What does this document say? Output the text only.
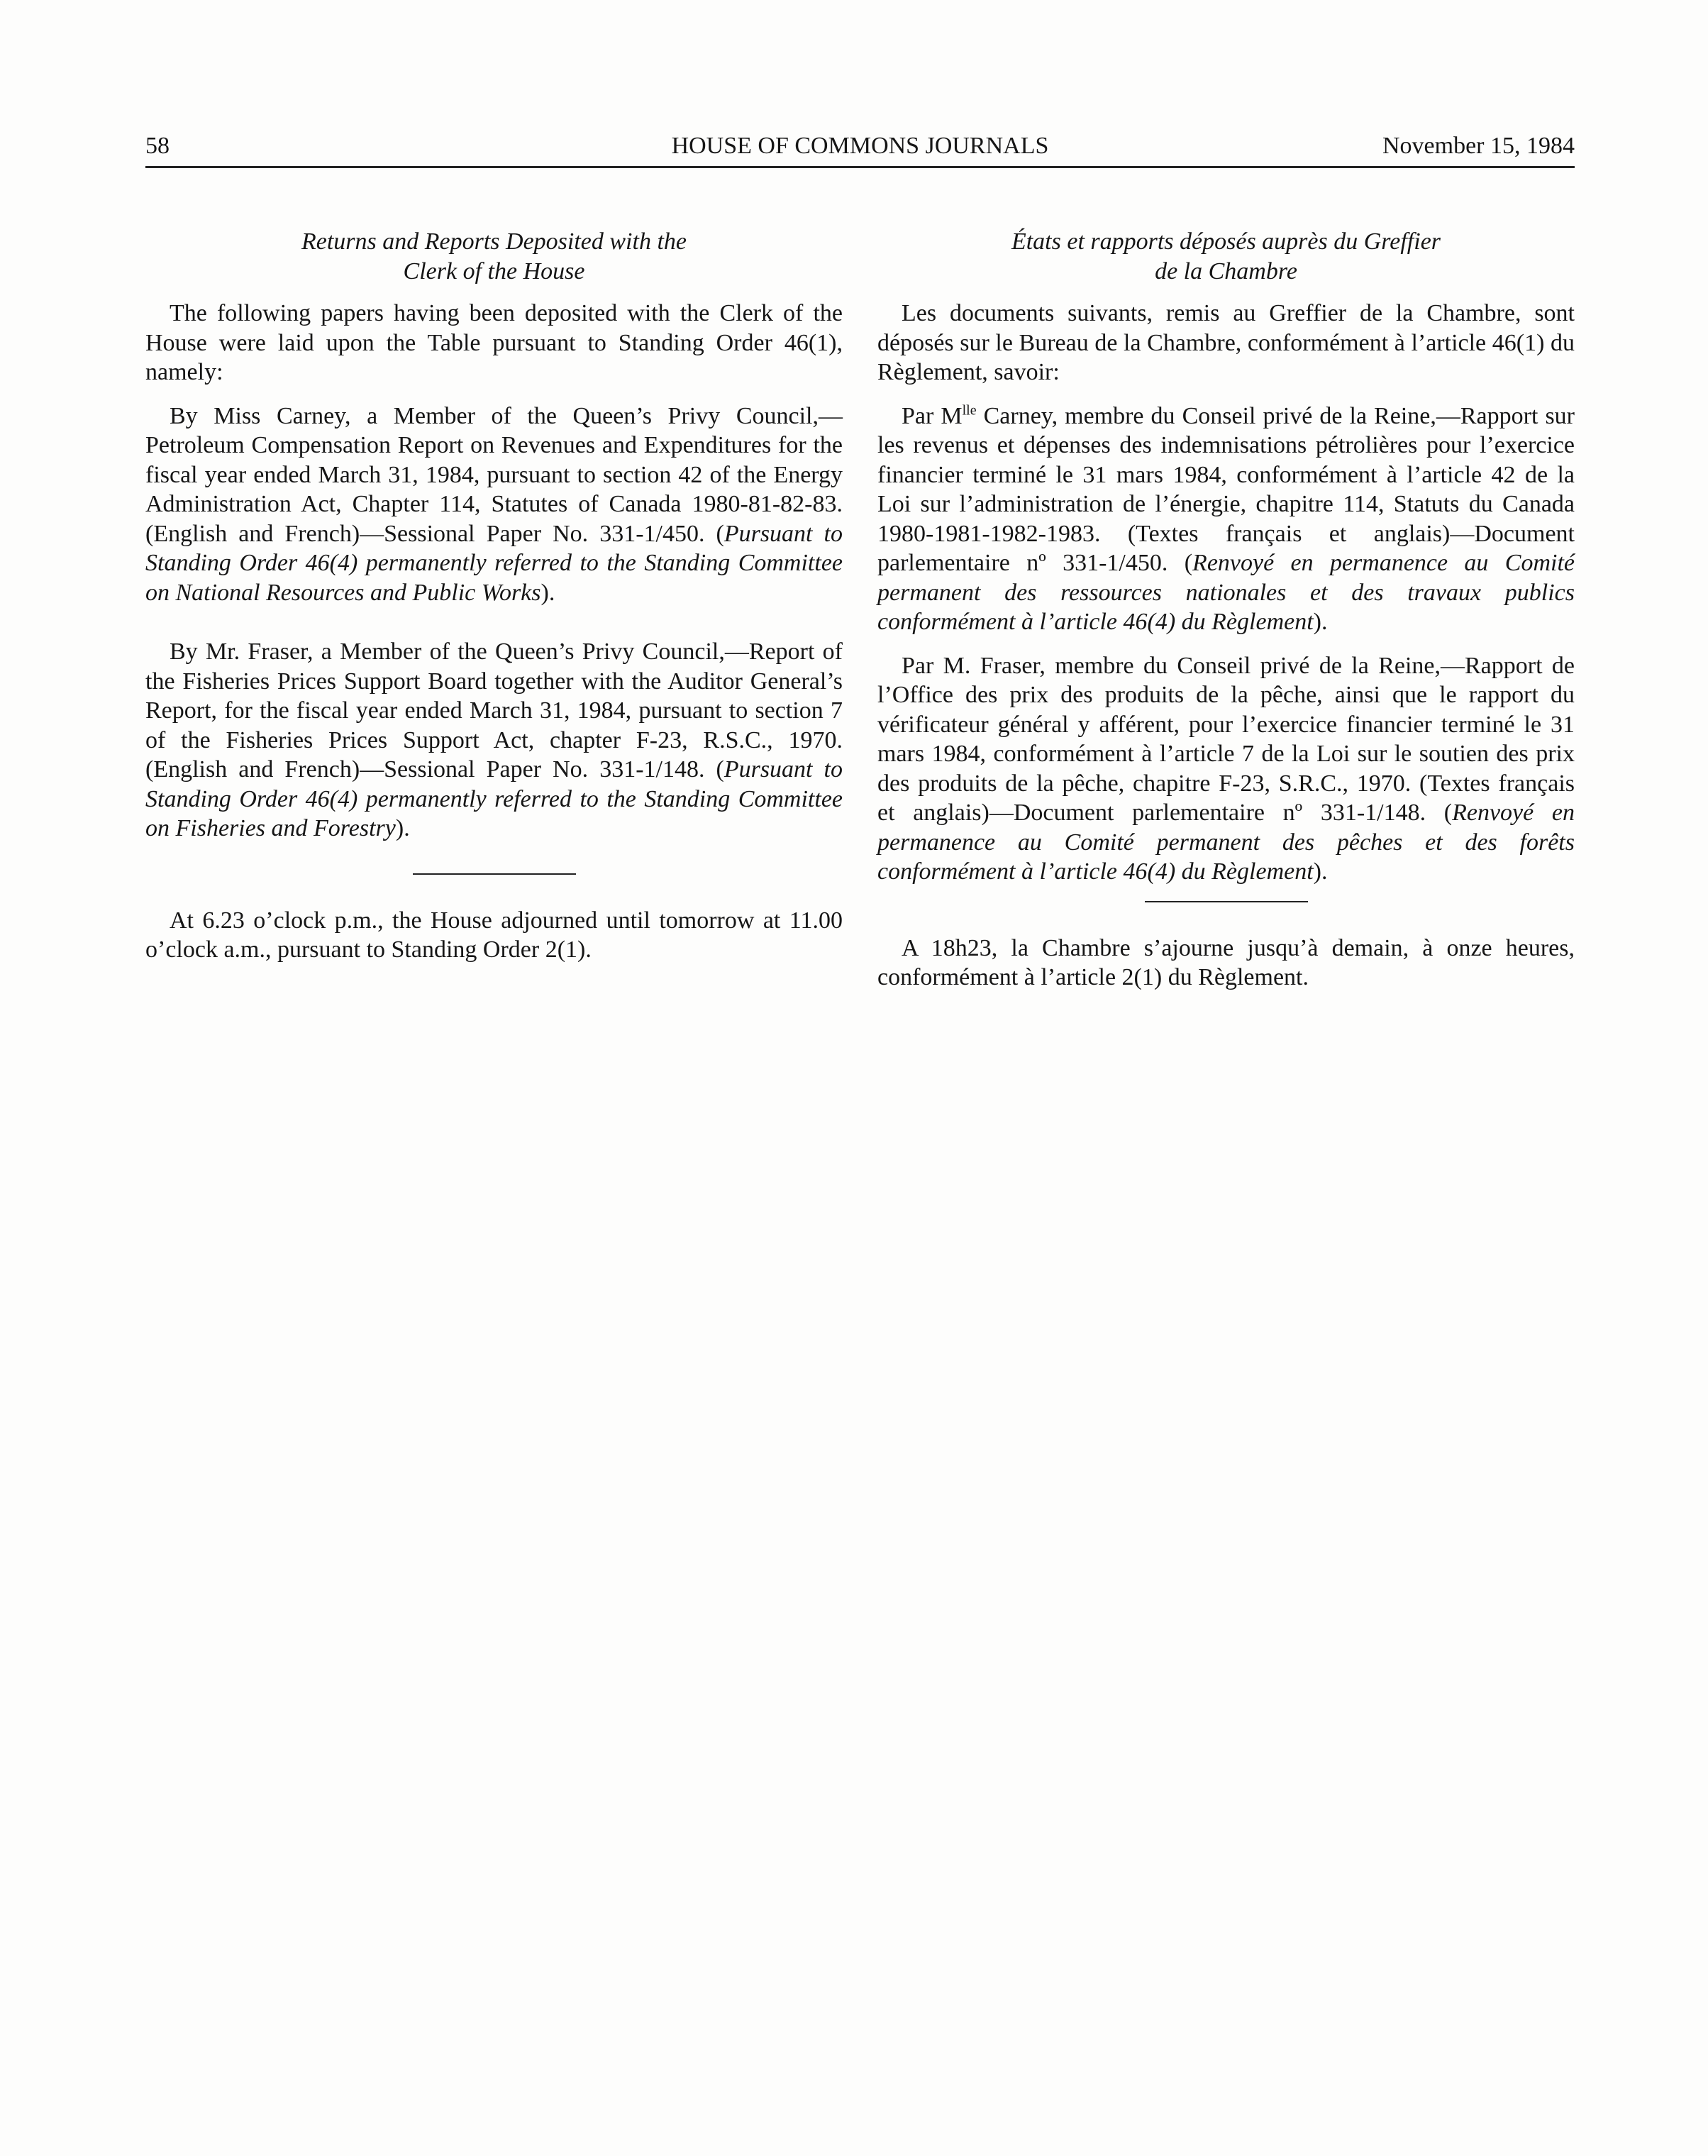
58	HOUSE OF COMMONS JOURNALS	November 15, 1984
Returns and Reports Deposited with the
Clerk of the House

The following papers having been deposited with the Clerk of the House were laid upon the Table pursuant to Standing Order 46(1), namely:

By Miss Carney, a Member of the Queen’s Privy Council,—Petroleum Compensation Report on Revenues and Expenditures for the fiscal year ended March 31, 1984, pursuant to section 42 of the Energy Administration Act, Chapter 114, Statutes of Canada 1980-81-82-83. (English and French)—Sessional Paper No. 331-1/450. (Pursuant to Standing Order 46(4) permanently referred to the Standing Committee on National Resources and Public Works).

By Mr. Fraser, a Member of the Queen’s Privy Council,—Report of the Fisheries Prices Support Board together with the Auditor General’s Report, for the fiscal year ended March 31, 1984, pursuant to section 7 of the Fisheries Prices Support Act, chapter F-23, R.S.C., 1970. (English and French)—Sessional Paper No. 331-1/148. (Pursuant to Standing Order 46(4) permanently referred to the Standing Committee on Fisheries and Forestry).

At 6.23 o’clock p.m., the House adjourned until tomorrow at 11.00 o’clock a.m., pursuant to Standing Order 2(1).

États et rapports déposés auprès du Greffier
de la Chambre

Les documents suivants, remis au Greffier de la Chambre, sont déposés sur le Bureau de la Chambre, conformément à l’article 46(1) du Règlement, savoir:

Par $M^{lle}$ Carney, membre du Conseil privé de la Reine,—Rapport sur les revenus et dépenses des indemnisations pétrolières pour l’exercice financier terminé le 31 mars 1984, conformément à l’article 42 de la Loi sur l’administration de l’énergie, chapitre 114, Statuts du Canada 1980-1981-1982-1983. (Textes français et anglais)—Document parlementaire nº 331-1/450. (Renvoyé en permanence au Comité permanent des ressources nationales et des travaux publics conformément à l’article 46(4) du Règlement).

Par M. Fraser, membre du Conseil privé de la Reine,—Rapport de l’Office des prix des produits de la pêche, ainsi que le rapport du vérificateur général y afférent, pour l’exercice financier terminé le 31 mars 1984, conformément à l’article 7 de la Loi sur le soutien des prix des produits de la pêche, chapitre F-23, S.R.C., 1970. (Textes français et anglais)—Document parlementaire nº 331-1/148. (Renvoyé en permanence au Comité permanent des pêches et des forêts conformément à l’article 46(4) du Règlement).

A 18h23, la Chambre s’ajourne jusqu’à demain, à onze heures, conformément à l’article 2(1) du Règlement.
